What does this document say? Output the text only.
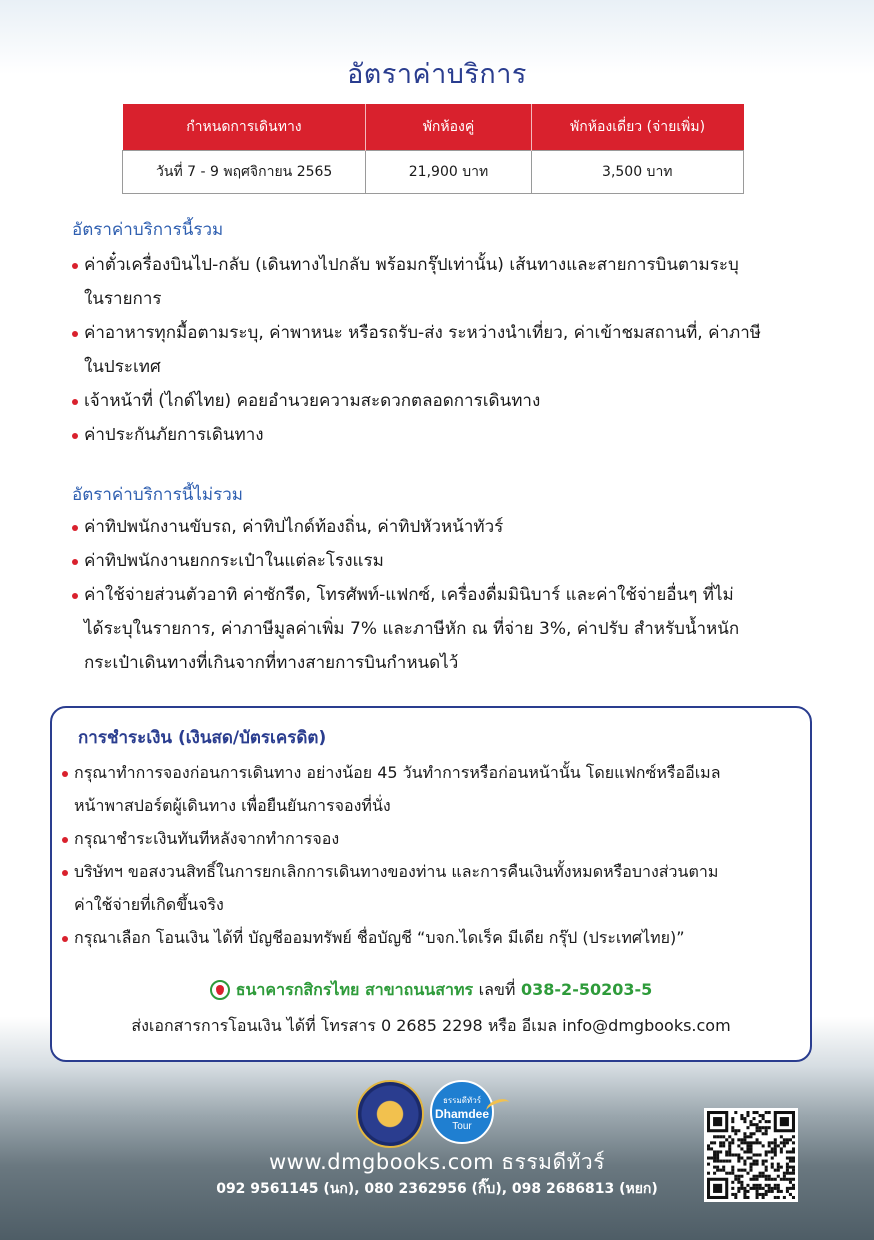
อัตราค่าบริการ
กำหนดการเดินทาง	พักห้องคู่	พักห้องเดี่ยว (จ่ายเพิ่ม)
วันที่ 7 - 9 พฤศจิกายน 2565	21,900 บาท	3,500 บาท
อัตราค่าบริการนี้รวม
ค่าตั๋วเครื่องบินไป-กลับ (เดินทางไปกลับ พร้อมกรุ๊ปเท่านั้น) เส้นทางและสายการบินตามระบุ
ในรายการ
ค่าอาหารทุกมื้อตามระบุ, ค่าพาหนะ หรือรถรับ-ส่ง ระหว่างนำเที่ยว, ค่าเข้าชมสถานที่, ค่าภาษี
ในประเทศ
เจ้าหน้าที่ (ไกด์ไทย) คอยอำนวยความสะดวกตลอดการเดินทาง
ค่าประกันภัยการเดินทาง
อัตราค่าบริการนี้ไม่รวม
ค่าทิปพนักงานขับรถ, ค่าทิปไกด์ท้องถิ่น, ค่าทิปหัวหน้าทัวร์
ค่าทิปพนักงานยกกระเป๋าในแต่ละโรงแรม
ค่าใช้จ่ายส่วนตัวอาทิ ค่าซักรีด, โทรศัพท์-แฟกซ์, เครื่องดื่มมินิบาร์ และค่าใช้จ่ายอื่นๆ ที่ไม่
ได้ระบุในรายการ, ค่าภาษีมูลค่าเพิ่ม 7% และภาษีหัก ณ ที่จ่าย 3%, ค่าปรับ สำหรับน้ำหนัก
กระเป๋าเดินทางที่เกินจากที่ทางสายการบินกำหนดไว้
การชำระเงิน (เงินสด/บัตรเครดิต)
กรุณาทำการจองก่อนการเดินทาง อย่างน้อย 45 วันทำการหรือก่อนหน้านั้น โดยแฟกซ์หรืออีเมล
หน้าพาสปอร์ตผู้เดินทาง เพื่อยืนยันการจองที่นั่ง
กรุณาชำระเงินทันทีหลังจากทำการจอง
บริษัทฯ ขอสงวนสิทธิ์ในการยกเลิกการเดินทางของท่าน และการคืนเงินทั้งหมดหรือบางส่วนตาม
ค่าใช้จ่ายที่เกิดขึ้นจริง
กรุณาเลือก โอนเงิน ได้ที่ บัญชีออมทรัพย์ ชื่อบัญชี “บจก.ไดเร็ค มีเดีย กรุ๊ป (ประเทศไทย)”
ธนาคารกสิกรไทย สาขาถนนสาทร เลขที่ 038-2-50203-5
ส่งเอกสารการโอนเงิน ได้ที่ โทรสาร 0 2685 2298 หรือ อีเมล info@dmgbooks.com
ธรรมดีทัวร์
Dhamdee
Tour
www.dmgbooks.com ธรรมดีทัวร์
092 9561145 (นก), 080 2362956 (กิ๊บ), 098 2686813 (หยก)
